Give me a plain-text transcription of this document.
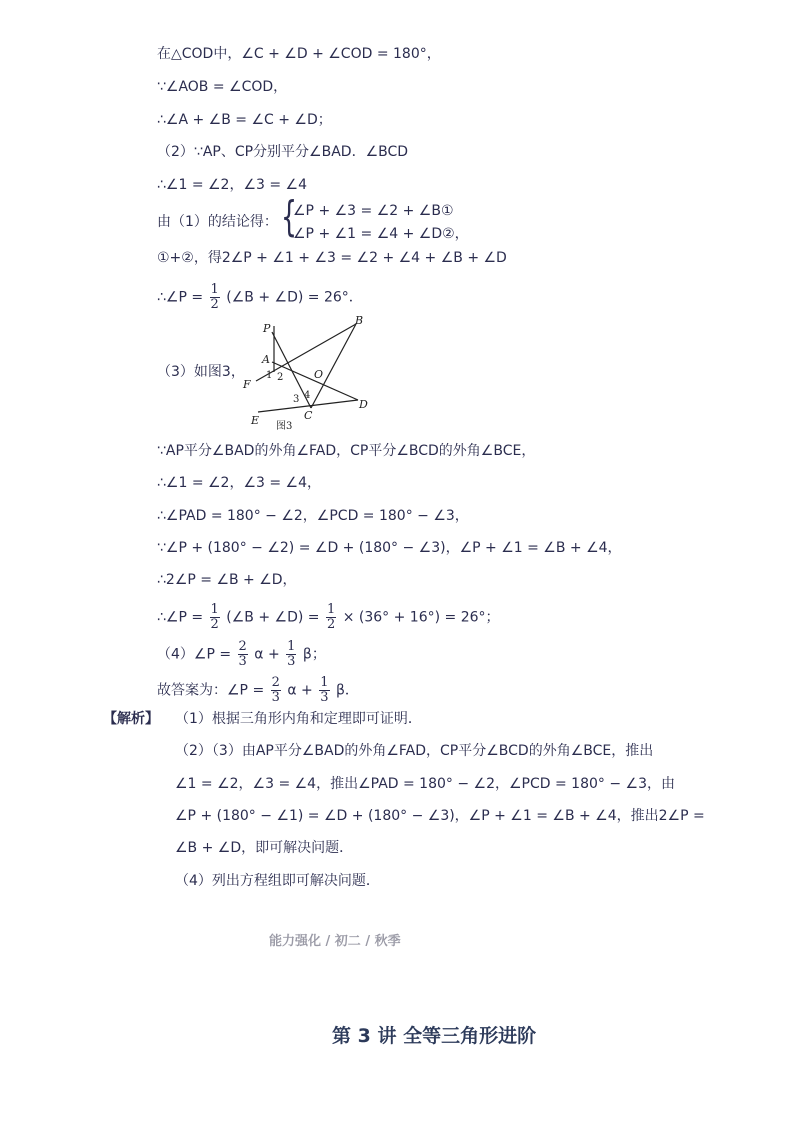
在△COD中，∠C + ∠D + ∠COD = 180°，
∵∠AOB = ∠COD，
∴∠A + ∠B = ∠C + ∠D；
（2）∵AP、CP分别平分∠BAD．∠BCD
∴∠1 = ∠2，∠3 = ∠4
由（1）的结论得： {
∠P + ∠3 = ∠2 + ∠B①
∠P + ∠1 = ∠4 + ∠D②，
①+②，得2∠P + ∠1 + ∠3 = ∠2 + ∠4 + ∠B + ∠D
∴∠P = $\frac{1}{2}$ (∠B + ∠D) = 26°．
（3）如图3，
P
B
A
O
F
D
E	C
1 2
3 4
图3
∵AP平分∠BAD的外角∠FAD，CP平分∠BCD的外角∠BCE，
∴∠1 = ∠2，∠3 = ∠4，
∴∠PAD = 180° − ∠2，∠PCD = 180° − ∠3，
∵∠P + (180° − ∠2) = ∠D + (180° − ∠3)，∠P + ∠1 = ∠B + ∠4，
∴2∠P = ∠B + ∠D，
∴∠P = $\frac{1}{2}$ (∠B + ∠D) = $\frac{1}{2} \times (36^\circ + 16^\circ) = 26^\circ$；
（4）∠P = $\frac{2}{3}$ $\alpha + \frac{1}{3}$ β；
故答案为：∠P = $\frac{2}{3}$ $\alpha + \frac{1}{3}$ β．
【解析】 （1）根据三角形内角和定理即可证明．
（2）（3）由AP平分∠BAD的外角∠FAD，CP平分∠BCD的外角∠BCE，推出
∠1 = ∠2，∠3 = ∠4，推出∠PAD = 180° − ∠2，∠PCD = 180° − ∠3，由
∠P + (180° − ∠1) = ∠D + (180° − ∠3)，∠P + ∠1 = ∠B + ∠4，推出2∠P =
∠B + ∠D，即可解决问题．
（4）列出方程组即可解决问题．
能力强化 / 初二 / 秋季
第 3 讲 全等三角形进阶
